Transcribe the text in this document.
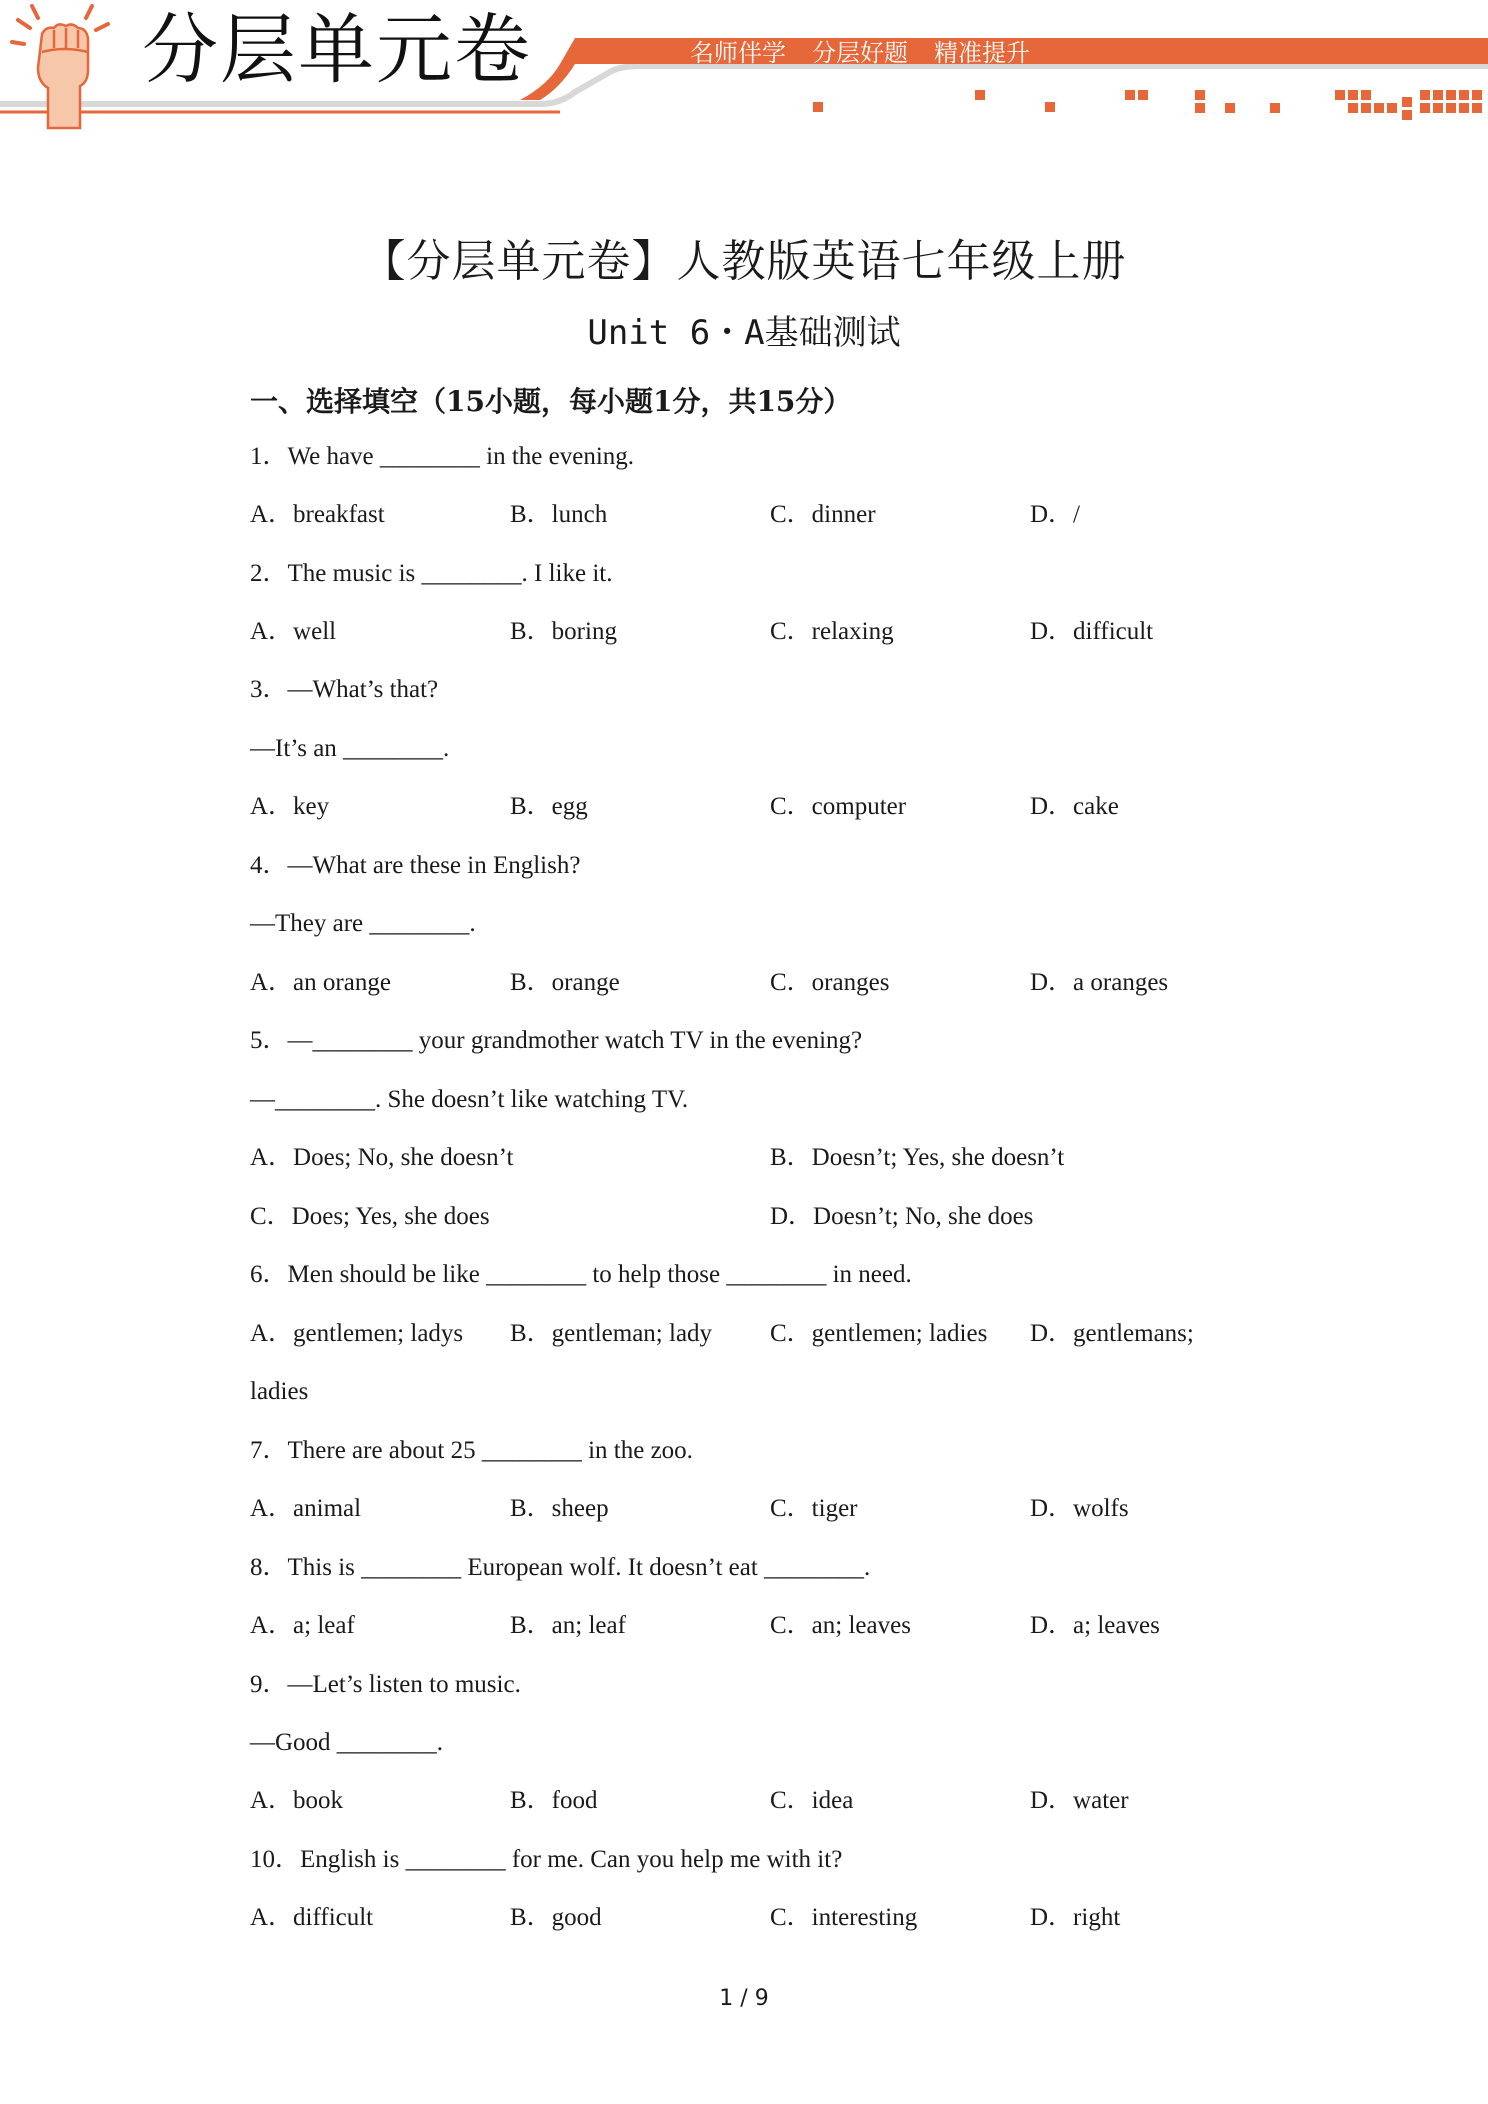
分层单元卷	名师伴学 分层好题 精准提升
【分层单元卷】人教版英语七年级上册
Unit 6・A基础测试
一、选择填空（15小题，每小题1分，共15分）
1．We have ________ in the evening.
A．breakfast	B．lunch	C．dinner	D．/
2．The music is ________. I like it.
A．well	B．boring	C．relaxing	D．difficult
3．—What’s that?
—It’s an ________.
A．key	B．egg	C．computer	D．cake
4．—What are these in English?
—They are ________.
A．an orange	B．orange	C．oranges	D．a oranges
5．—________ your grandmother watch TV in the evening?
—________. She doesn’t like watching TV.
A．Does; No, she doesn’t	B．Doesn’t; Yes, she doesn’t
C．Does; Yes, she does	D．Doesn’t; No, she does
6．Men should be like ________ to help those ________ in need.
A．gentlemen; ladys B．gentleman; lady C．gentlemen; ladies D．gentlemans;
ladies
7．There are about 25 ________ in the zoo.
A．animal	B．sheep	C．tiger	D．wolfs
8．This is ________ European wolf. It doesn’t eat ________.
A．a; leaf	B．an; leaf	C．an; leaves	D．a; leaves
9．—Let’s listen to music.
—Good ________.
A．book	B．food	C．idea	D．water
10．English is ________ for me. Can you help me with it?
A．difficult	B．good	C．interesting	D．right
1 / 9
